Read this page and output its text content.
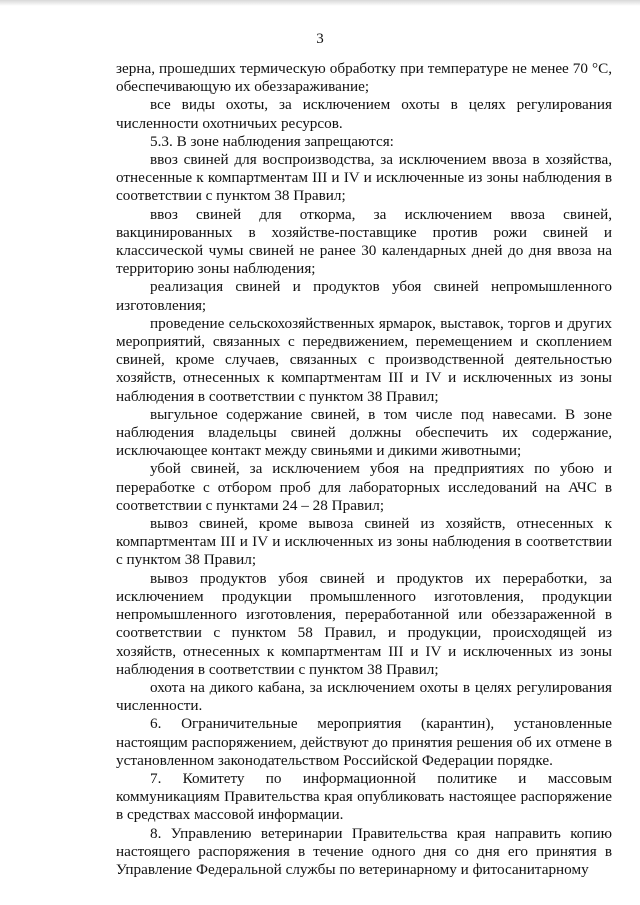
3

зерна, прошедших термическую обработку при температуре не менее 70 °С, обеспечивающую их обеззараживание;

все виды охоты, за исключением охоты в целях регулирования численности охотничьих ресурсов.

5.3. В зоне наблюдения запрещаются:

ввоз свиней для воспроизводства, за исключением ввоза в хозяйства, отнесенные к компартментам III и IV и исключенные из зоны наблюдения в соответствии с пунктом 38 Правил;

ввоз свиней для откорма, за исключением ввоза свиней, вакцинированных в хозяйстве-поставщике против рожи свиней и классической чумы свиней не ранее 30 календарных дней до дня ввоза на территорию зоны наблюдения;

реализация свиней и продуктов убоя свиней непромышленного изготовления;

проведение сельскохозяйственных ярмарок, выставок, торгов и других мероприятий, связанных с передвижением, перемещением и скоплением свиней, кроме случаев, связанных с производственной деятельностью хозяйств, отнесенных к компартментам III и IV и исключенных из зоны наблюдения в соответствии с пунктом 38 Правил;

выгульное содержание свиней, в том числе под навесами. В зоне наблюдения владельцы свиней должны обеспечить их содержание, исключающее контакт между свиньями и дикими животными;

убой свиней, за исключением убоя на предприятиях по убою и переработке с отбором проб для лабораторных исследований на АЧС в соответствии с пунктами 24 – 28 Правил;

вывоз свиней, кроме вывоза свиней из хозяйств, отнесенных к компартментам III и IV и исключенных из зоны наблюдения в соответствии с пунктом 38 Правил;

вывоз продуктов убоя свиней и продуктов их переработки, за исключением продукции промышленного изготовления, продукции непромышленного изготовления, переработанной или обеззараженной в соответствии с пунктом 58 Правил, и продукции, происходящей из хозяйств, отнесенных к компартментам III и IV и исключенных из зоны наблюдения в соответствии с пунктом 38 Правил;

охота на дикого кабана, за исключением охоты в целях регулирования численности.

6. Ограничительные мероприятия (карантин), установленные настоящим распоряжением, действуют до принятия решения об их отмене в установленном законодательством Российской Федерации порядке.

7. Комитету по информационной политике и массовым коммуникациям Правительства края опубликовать настоящее распоряжение в средствах массовой информации.

8. Управлению ветеринарии Правительства края направить копию настоящего распоряжения в течение одного дня со дня его принятия в Управление Федеральной службы по ветеринарному и фитосанитарному
